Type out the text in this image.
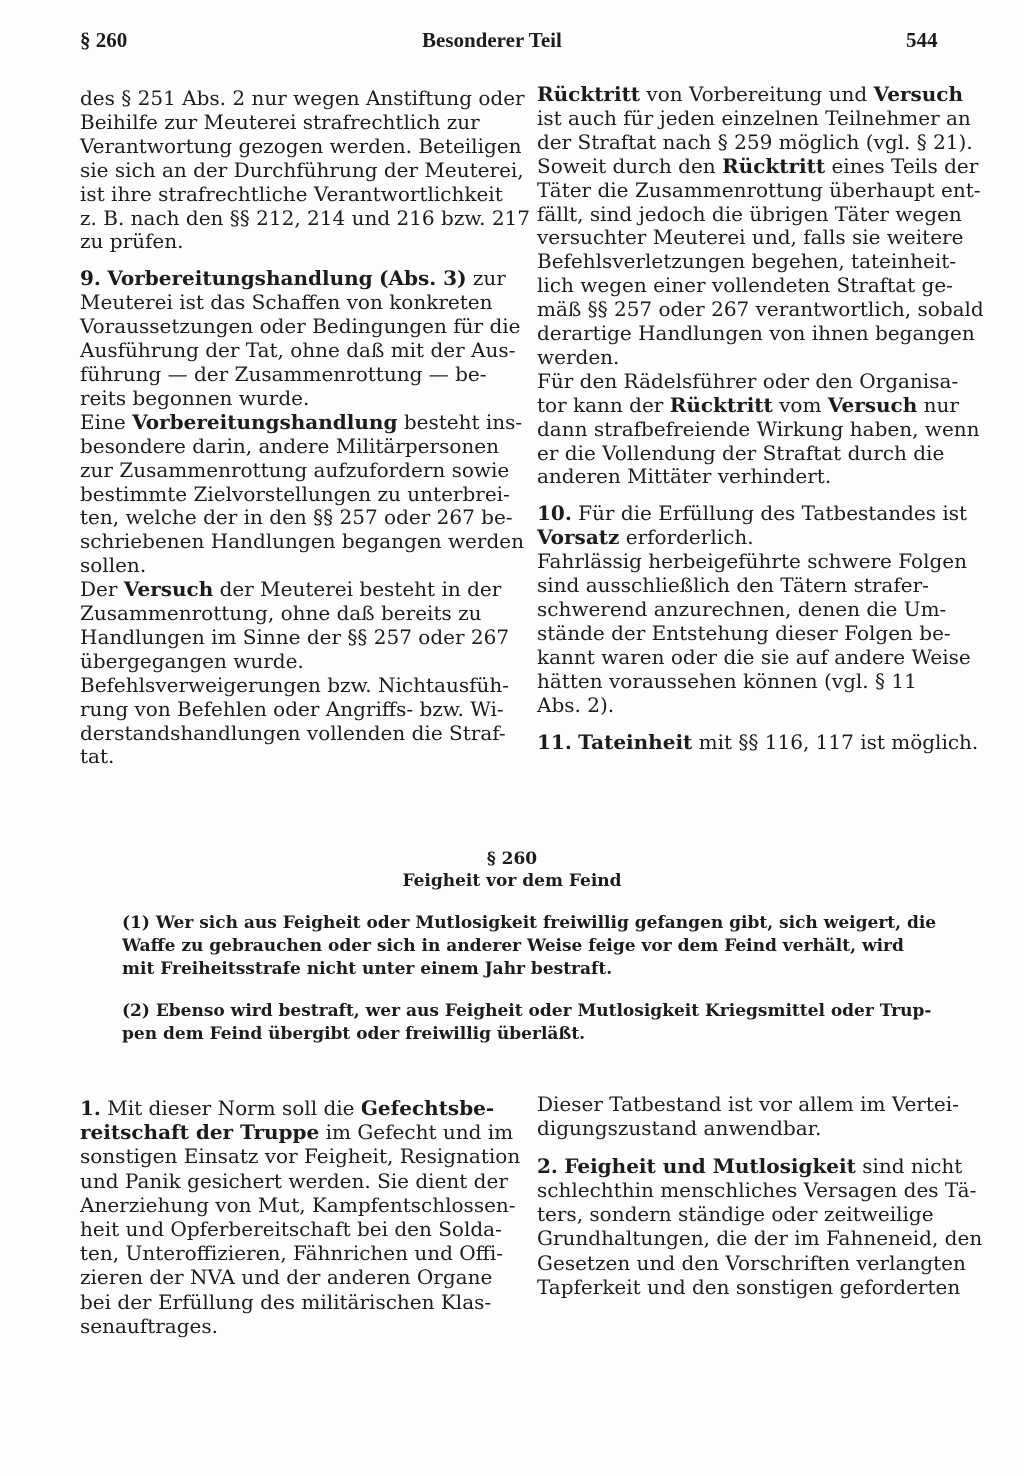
§ 260	Besonderer Teil	544
des § 251 Abs. 2 nur wegen Anstiftung oder
Beihilfe zur Meuterei strafrechtlich zur
Verantwortung gezogen werden. Beteiligen
sie sich an der Durchführung der Meuterei,
ist ihre strafrechtliche Verantwortlichkeit
z. B. nach den §§ 212, 214 und 216 bzw. 217
zu prüfen.
9. Vorbereitungshandlung (Abs. 3) zur
Meuterei ist das Schaffen von konkreten
Voraussetzungen oder Bedingungen für die
Ausführung der Tat, ohne daß mit der Aus-
führung — der Zusammenrottung — be-
reits begonnen wurde.
Eine Vorbereitungshandlung besteht ins-
besondere darin, andere Militärpersonen
zur Zusammenrottung aufzufordern sowie
bestimmte Zielvorstellungen zu unterbrei-
ten, welche der in den §§ 257 oder 267 be-
schriebenen Handlungen begangen werden
sollen.
Der Versuch der Meuterei besteht in der
Zusammenrottung, ohne daß bereits zu
Handlungen im Sinne der §§ 257 oder 267
übergegangen wurde.
Befehlsverweigerungen bzw. Nichtausfüh-
rung von Befehlen oder Angriffs- bzw. Wi-
derstandshandlungen vollenden die Straf-
tat.
Rücktritt von Vorbereitung und Versuch
ist auch für jeden einzelnen Teilnehmer an
der Straftat nach § 259 möglich (vgl. § 21).
Soweit durch den Rücktritt eines Teils der
Täter die Zusammenrottung überhaupt ent-
fällt, sind jedoch die übrigen Täter wegen
versuchter Meuterei und, falls sie weitere
Befehlsverletzungen begehen, tateinheit-
lich wegen einer vollendeten Straftat ge-
mäß §§ 257 oder 267 verantwortlich, sobald
derartige Handlungen von ihnen begangen
werden.
Für den Rädelsführer oder den Organisa-
tor kann der Rücktritt vom Versuch nur
dann strafbefreiende Wirkung haben, wenn
er die Vollendung der Straftat durch die
anderen Mittäter verhindert.
10. Für die Erfüllung des Tatbestandes ist
Vorsatz erforderlich.
Fahrlässig herbeigeführte schwere Folgen
sind ausschließlich den Tätern strafer-
schwerend anzurechnen, denen die Um-
stände der Entstehung dieser Folgen be-
kannt waren oder die sie auf andere Weise
hätten voraussehen können (vgl. § 11
Abs. 2).
11. Tateinheit mit §§ 116, 117 ist möglich.
§ 260
Feigheit vor dem Feind
(1) Wer sich aus Feigheit oder Mutlosigkeit freiwillig gefangen gibt, sich weigert, die
Waffe zu gebrauchen oder sich in anderer Weise feige vor dem Feind verhält, wird
mit Freiheitsstrafe nicht unter einem Jahr bestraft.
(2) Ebenso wird bestraft, wer aus Feigheit oder Mutlosigkeit Kriegsmittel oder Trup-
pen dem Feind übergibt oder freiwillig überläßt.
1. Mit dieser Norm soll die Gefechtsbe-
reitschaft der Truppe im Gefecht und im
sonstigen Einsatz vor Feigheit, Resignation
und Panik gesichert werden. Sie dient der
Anerziehung von Mut, Kampfentschlossen-
heit und Opferbereitschaft bei den Solda-
ten, Unteroffizieren, Fähnrichen und Offi-
zieren der NVA und der anderen Organe
bei der Erfüllung des militärischen Klas-
senauftrages.
Dieser Tatbestand ist vor allem im Vertei-
digungszustand anwendbar.
2. Feigheit und Mutlosigkeit sind nicht
schlechthin menschliches Versagen des Tä-
ters, sondern ständige oder zeitweilige
Grundhaltungen, die der im Fahneneid, den
Gesetzen und den Vorschriften verlangten
Tapferkeit und den sonstigen geforderten
